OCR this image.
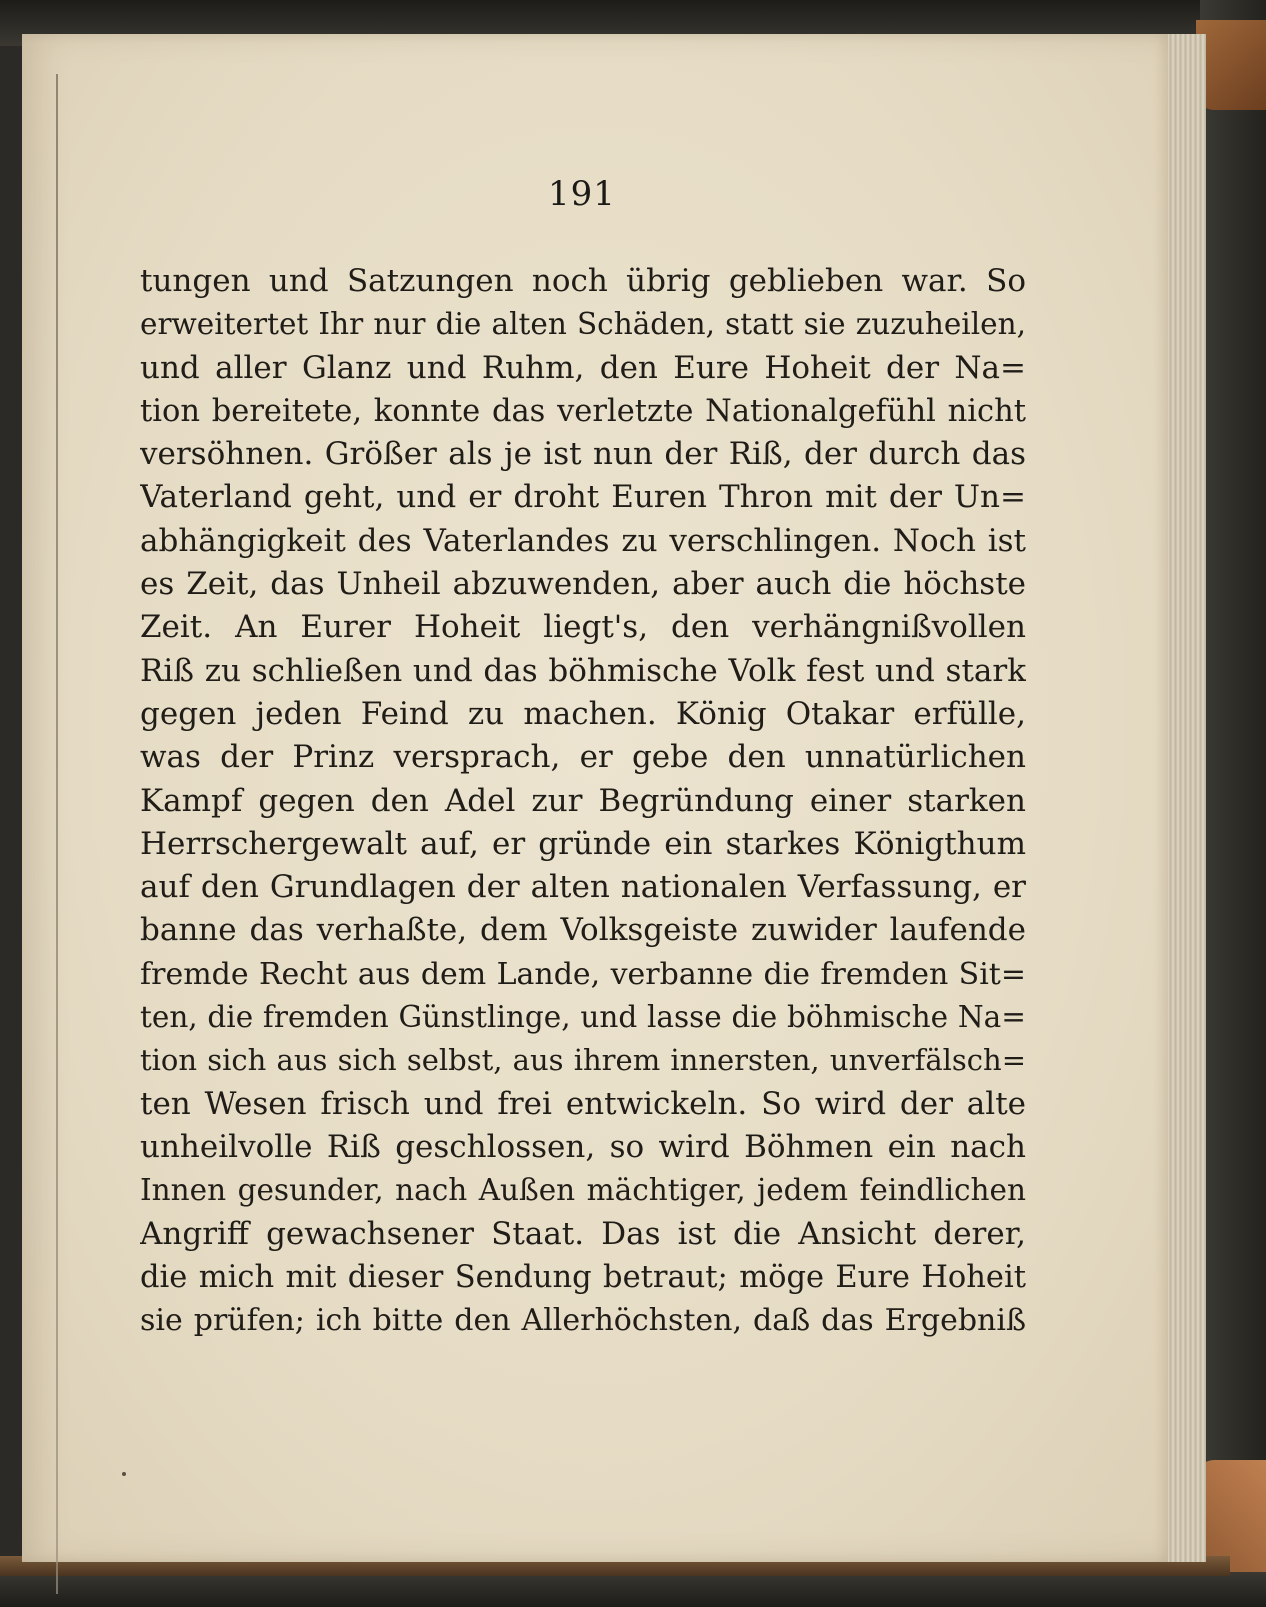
191
tungen und Satzungen noch übrig geblieben war. So
erweitertet Ihr nur die alten Schäden, statt sie zuzuheilen,
und aller Glanz und Ruhm, den Eure Hoheit der Na=
tion bereitete, konnte das verletzte Nationalgefühl nicht
versöhnen. Größer als je ist nun der Riß, der durch das
Vaterland geht, und er droht Euren Thron mit der Un=
abhängigkeit des Vaterlandes zu verschlingen. Noch ist
es Zeit, das Unheil abzuwenden, aber auch die höchste
Zeit. An Eurer Hoheit liegt's, den verhängnißvollen
Riß zu schließen und das böhmische Volk fest und stark
gegen jeden Feind zu machen. König Otakar erfülle,
was der Prinz versprach, er gebe den unnatürlichen
Kampf gegen den Adel zur Begründung einer starken
Herrschergewalt auf, er gründe ein starkes Königthum
auf den Grundlagen der alten nationalen Verfassung, er
banne das verhaßte, dem Volksgeiste zuwider laufende
fremde Recht aus dem Lande, verbanne die fremden Sit=
ten, die fremden Günstlinge, und lasse die böhmische Na=
tion sich aus sich selbst, aus ihrem innersten, unverfälsch=
ten Wesen frisch und frei entwickeln. So wird der alte
unheilvolle Riß geschlossen, so wird Böhmen ein nach
Innen gesunder, nach Außen mächtiger, jedem feindlichen
Angriff gewachsener Staat. Das ist die Ansicht derer,
die mich mit dieser Sendung betraut; möge Eure Hoheit
sie prüfen; ich bitte den Allerhöchsten, daß das Ergebniß
